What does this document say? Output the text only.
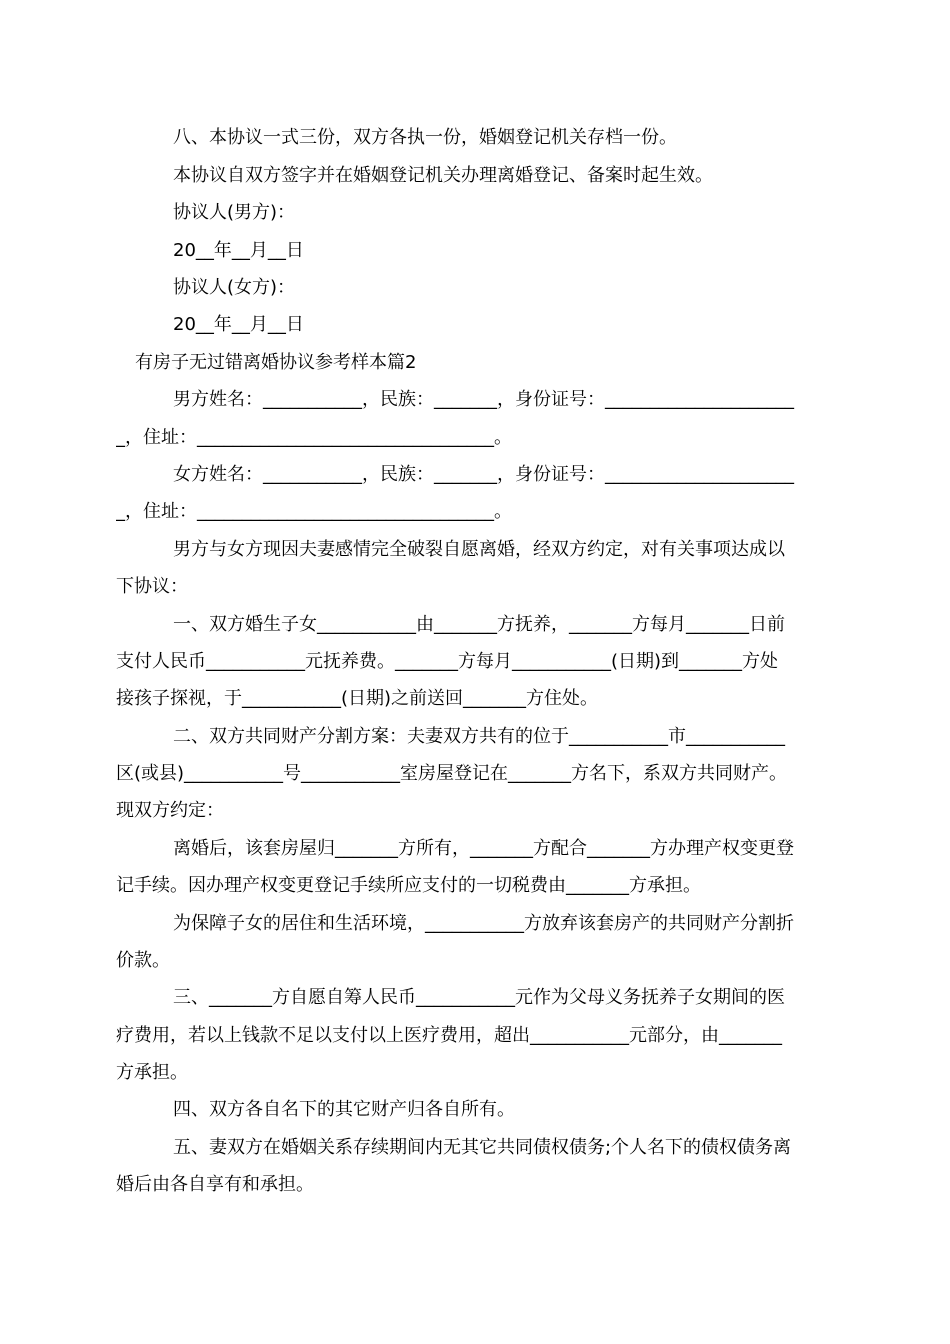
八、本协议一式三份，双方各执一份，婚姻登记机关存档一份。
本协议自双方签字并在婚姻登记机关办理离婚登记、备案时起生效。
协议人(男方)：
20__年__月__日
协议人(女方)：
20__年__月__日
有房子无过错离婚协议参考样本篇2
男方姓名：___________，民族：_______，身份证号：_____________________
_，住址：_________________________________。
女方姓名：___________，民族：_______，身份证号：_____________________
_，住址：_________________________________。
男方与女方现因夫妻感情完全破裂自愿离婚，经双方约定，对有关事项达成以
下协议：
一、双方婚生子女___________由_______方抚养，_______方每月_______日前
支付人民币___________元抚养费。_______方每月___________(日期)到_______方处
接孩子探视，于___________(日期)之前送回_______方住处。
二、双方共同财产分割方案：夫妻双方共有的位于___________市___________
区(或县)___________号___________室房屋登记在_______方名下，系双方共同财产。
现双方约定：
离婚后，该套房屋归_______方所有，_______方配合_______方办理产权变更登
记手续。因办理产权变更登记手续所应支付的一切税费由_______方承担。
为保障子女的居住和生活环境，___________方放弃该套房产的共同财产分割折
价款。
三、_______方自愿自筹人民币___________元作为父母义务抚养子女期间的医
疗费用，若以上钱款不足以支付以上医疗费用，超出___________元部分，由_______
方承担。
四、双方各自名下的其它财产归各自所有。
五、妻双方在婚姻关系存续期间内无其它共同债权债务;个人名下的债权债务离
婚后由各自享有和承担。
